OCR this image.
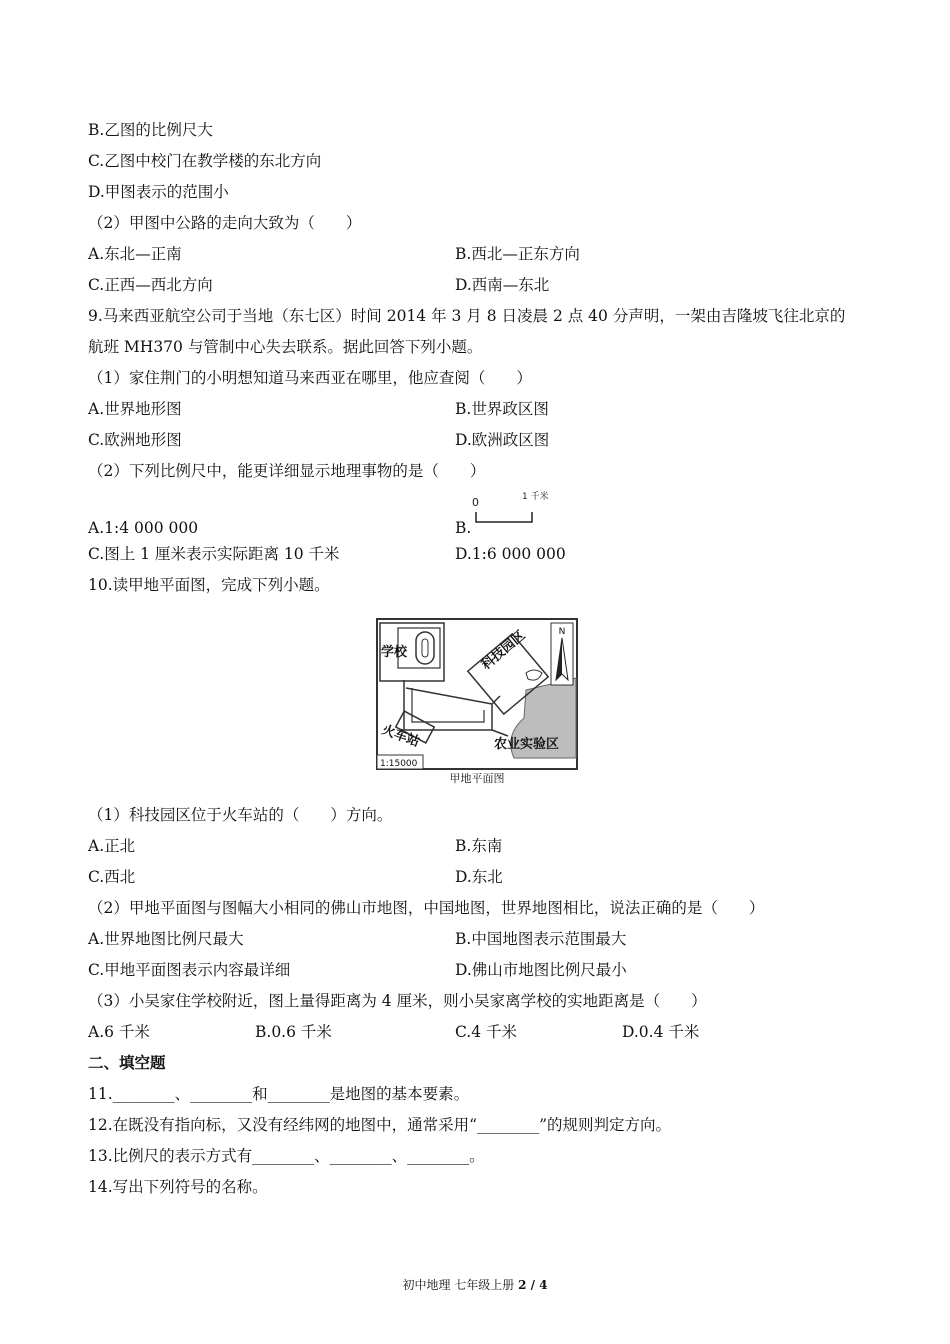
B.乙图的比例尺大
C.乙图中校门在教学楼的东北方向
D.甲图表示的范围小
（2）甲图中公路的走向大致为（　　）
A.东北—正南	B.西北—正东方向
C.正西—西北方向	D.西南—东北
9.马来西亚航空公司于当地（东七区）时间 2014 年 3 月 8 日凌晨 2 点 40 分声明，一架由吉隆坡飞往北京的
航班 MH370 与管制中心失去联系。据此回答下列小题。
（1）家住荆门的小明想知道马来西亚在哪里，他应查阅（　　）
A.世界地形图	B.世界政区图
C.欧洲地形图	D.欧洲政区图
（2）下列比例尺中，能更详细显示地理事物的是（　　）
A.1:4 000 000	B.
0	1 千米
C.图上 1 厘米表示实际距离 10 千米	D.1:6 000 000
10.读甲地平面图，完成下列小题。
N
学校	科技园区
火车站	农业实验区
1:15000
甲地平面图
（1）科技园区位于火车站的（　　）方向。
A.正北	B.东南
C.西北	D.东北
（2）甲地平面图与图幅大小相同的佛山市地图，中国地图，世界地图相比，说法正确的是（　　）
A.世界地图比例尺最大	B.中国地图表示范围最大
C.甲地平面图表示内容最详细	D.佛山市地图比例尺最小
（3）小吴家住学校附近，图上量得距离为 4 厘米，则小吴家离学校的实地距离是（　　）
A.6 千米	B.0.6 千米	C.4 千米	D.0.4 千米
二、填空题
11.________、________和________是地图的基本要素。
12.在既没有指向标，又没有经纬网的地图中，通常采用“________”的规则判定方向。
13.比例尺的表示方式有________、________、________。
14.写出下列符号的名称。
初中地理 七年级上册 2 / 4
